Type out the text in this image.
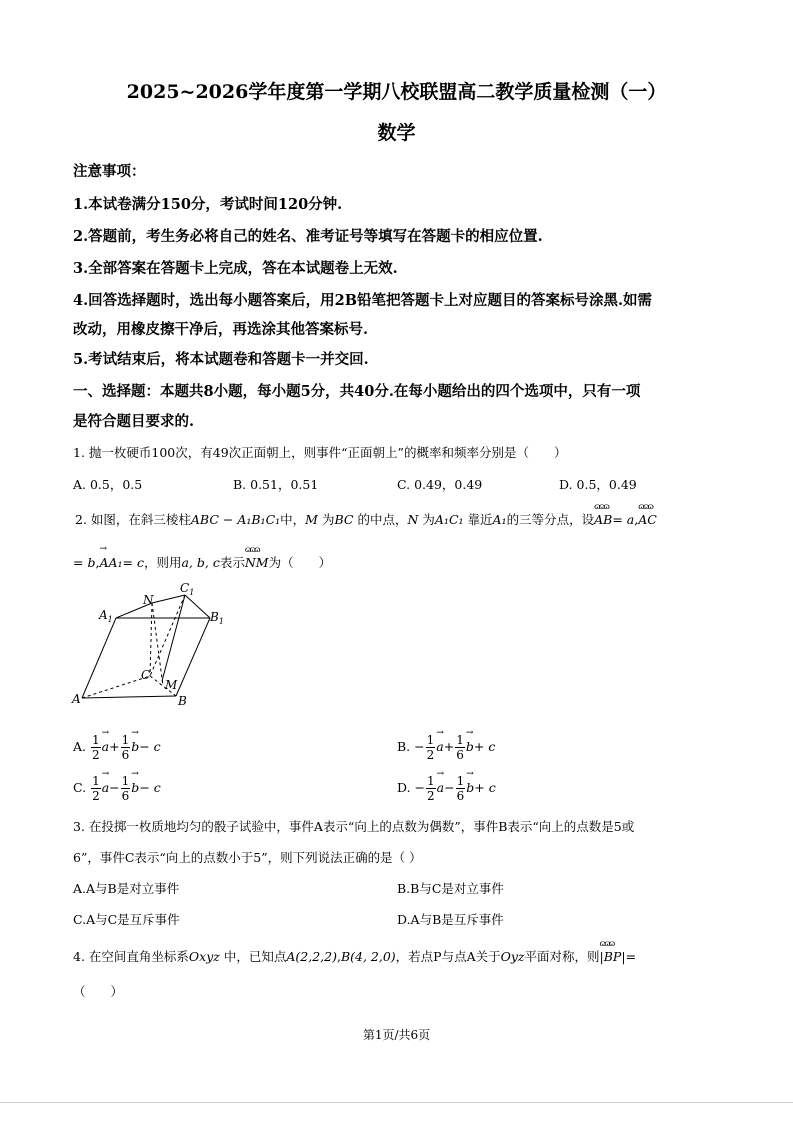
2025~2026学年度第一学期八校联盟高二教学质量检测（一）
数学
注意事项：
1.本试卷满分150分，考试时间120分钟.
2.答题前，考生务必将自己的姓名、准考证号等填写在答题卡的相应位置.
3.全部答案在答题卡上完成，答在本试题卷上无效.
4.回答选择题时，选出每小题答案后，用2B铅笔把答题卡上对应题目的答案标号涂黑.如需
改动，用橡皮擦干净后，再选涂其他答案标号.
5.考试结束后，将本试题卷和答题卡一并交回.
一、选择题：本题共8小题，每小题5分，共40分.在每小题给出的四个选项中，只有一项
是符合题目要求的.
1. 抛一枚硬币100次，有49次正面朝上，则事件“正面朝上”的概率和频率分别是（　　）
A. 0.5，0.5	B. 0.51，0.51	C. 0.49，0.49	D. 0.5，0.49
2. 如图，在斜三棱柱ABC − A₁B₁C₁中，M 为BC 的中点，N 为A₁C₁ 靠近A₁的三等分点，设ɷɷɷ AB= a,ɷɷɷ AC
= b,→ AA₁= c，则用a, b, c表示ɷɷɷ NM为（　　）
$A_1$
N
$C_1$
$B_1$
C
M
A	B
A. $\frac{1}{2}$
→ $a+ \frac{1}{6}$
→ b− c	B. − $\frac{1}{2}$
→ $a+ \frac{1}{6}$
→ b+ c
C. $\frac{1}{2}$
→ $a- \frac{1}{6}$
→ b− c	D. − $\frac{1}{2}$
→ $a- \frac{1}{6}$
→ b+ c
3. 在投掷一枚质地均匀的骰子试验中，事件A表示“向上的点数为偶数”，事件B表示“向上的点数是5或
6”，事件C表示“向上的点数小于5”，则下列说法正确的是（ ）
A.A与B是对立事件	B.B与C是对立事件
C.A与C是互斥事件	D.A与B是互斥事件
4. 在空间直角坐标系Oxyz 中，已知点A(2,2,2),B(4, 2,0)，若点P与点A关于Oyz平面对称，则ɷɷɷ |BP|=
（　　）
第1页/共6页
